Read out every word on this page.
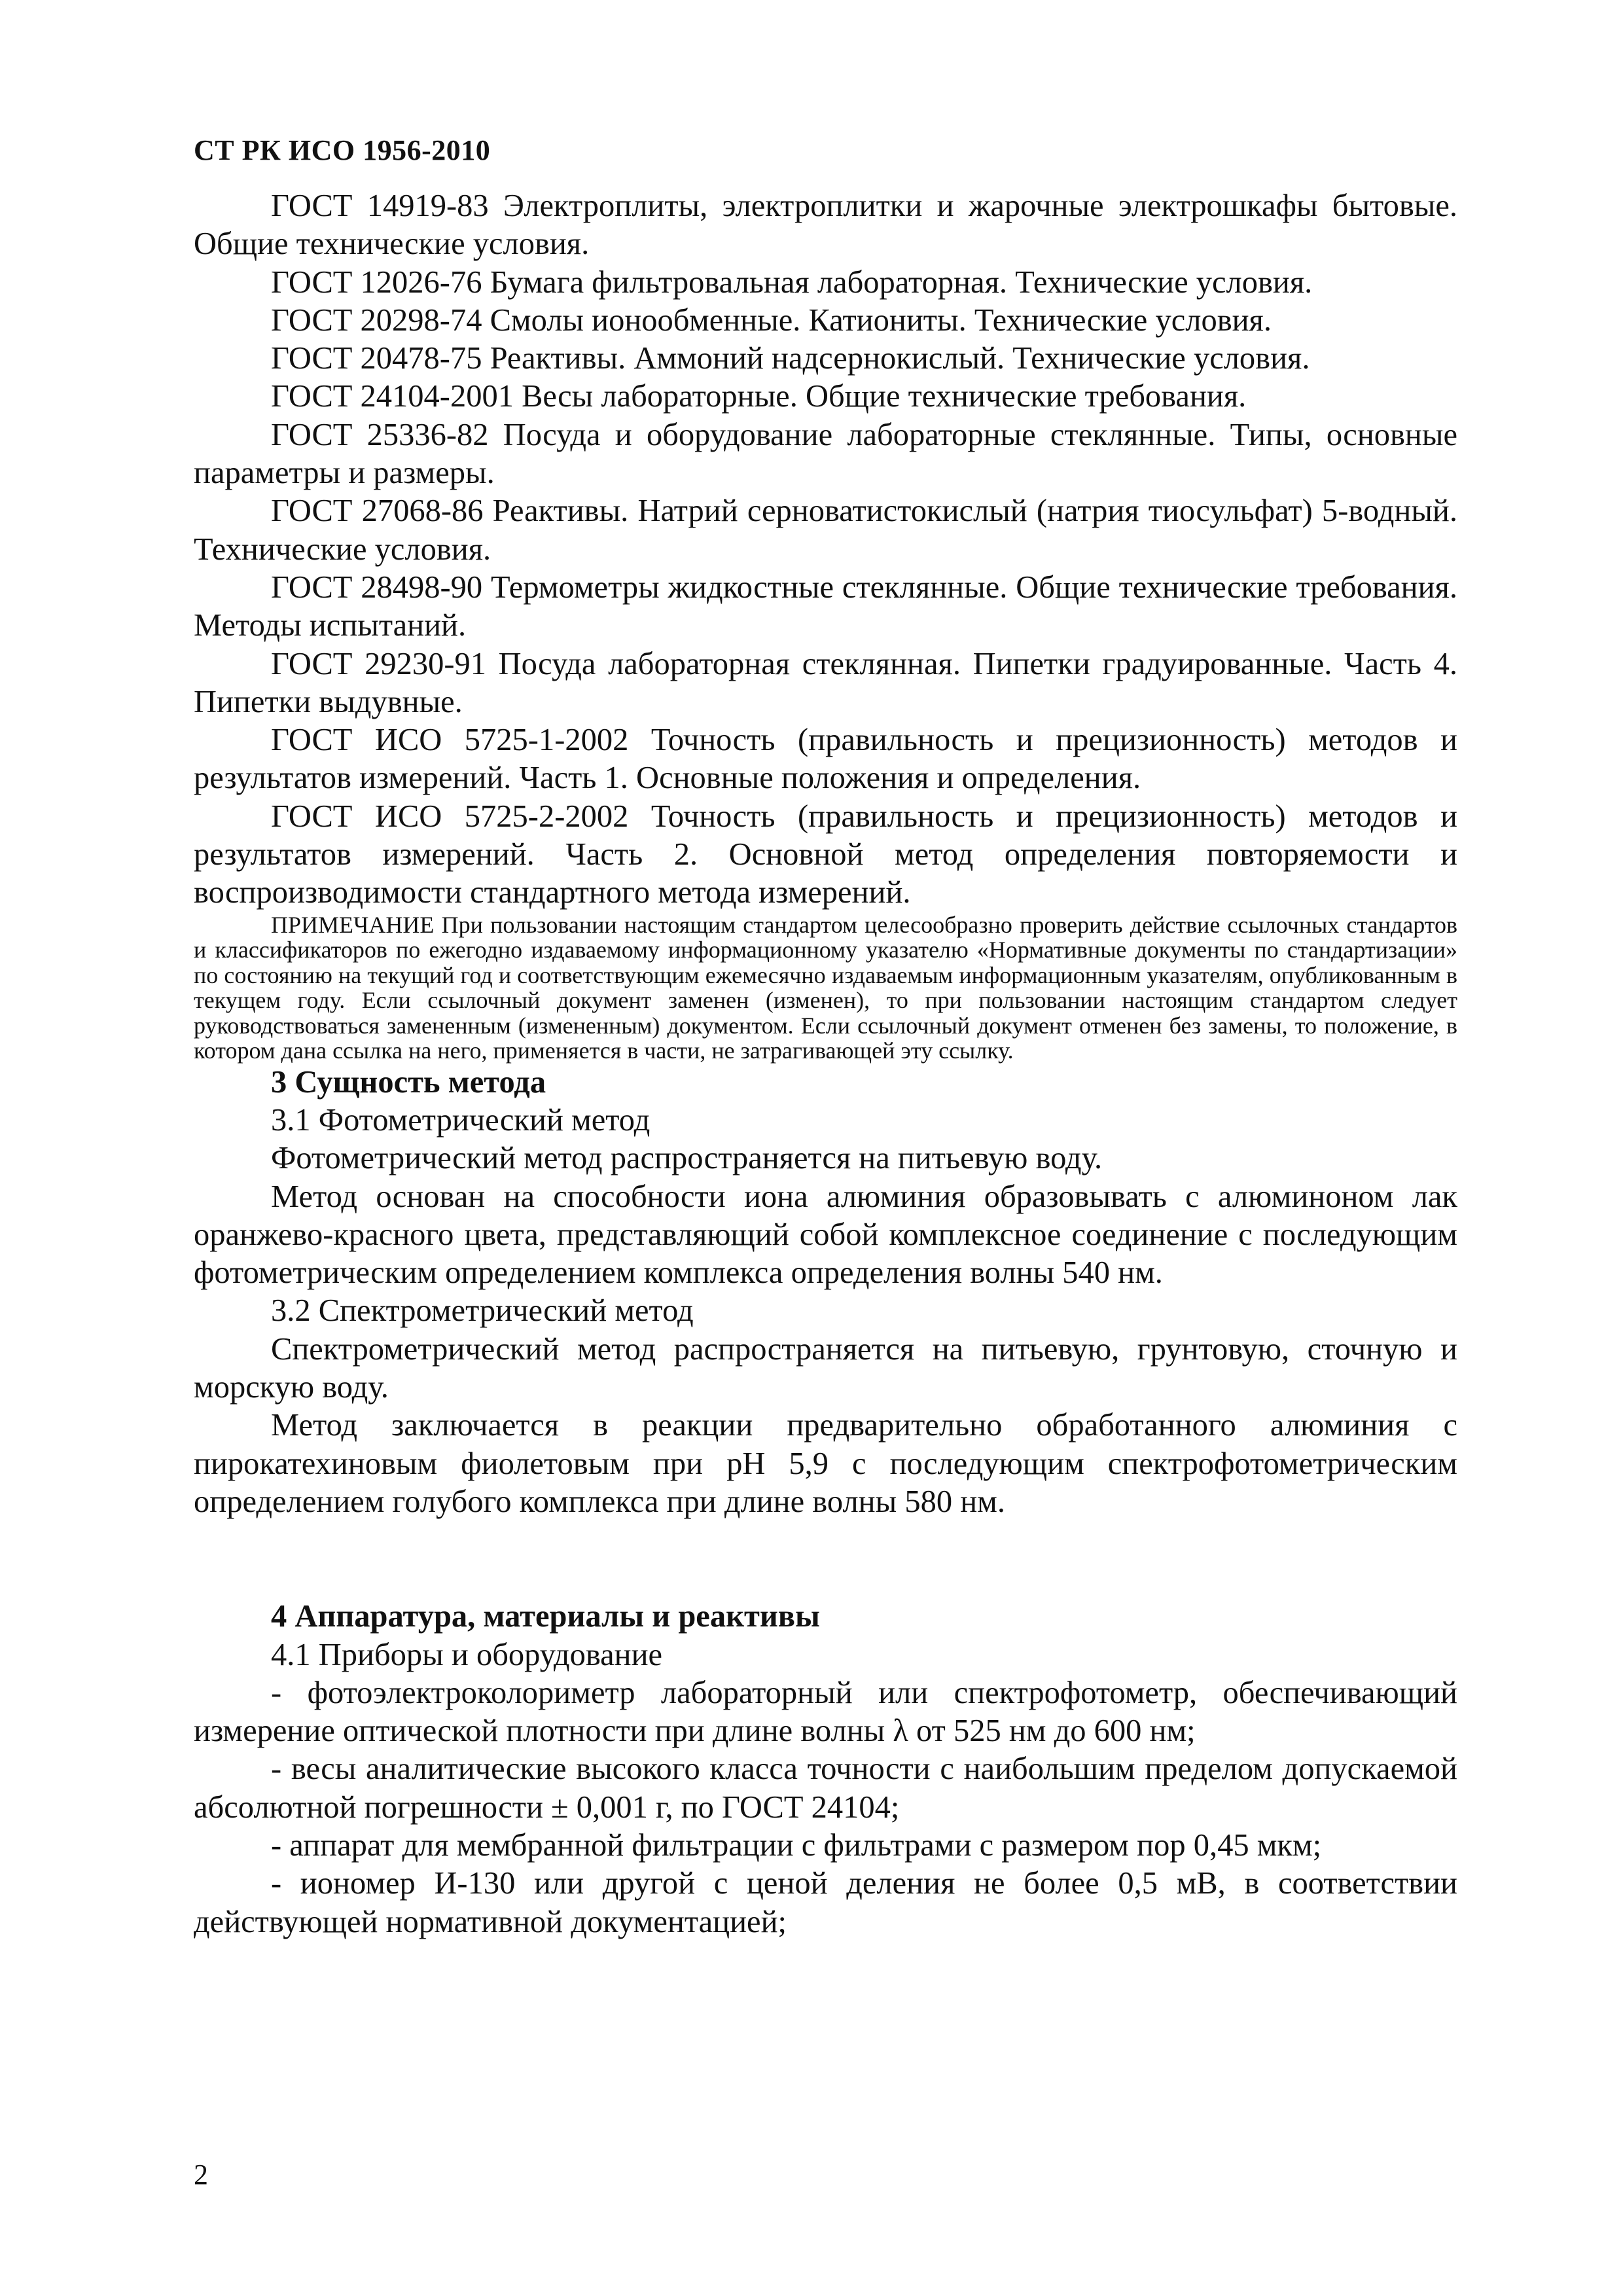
СТ РК ИСО 1956-2010

ГОСТ 14919-83 Электроплиты, электроплитки и жарочные электрошкафы бытовые. Общие технические условия.

ГОСТ 12026-76 Бумага фильтровальная лабораторная. Технические условия.

ГОСТ 20298-74 Смолы ионообменные. Катиониты. Технические условия.

ГОСТ 20478-75 Реактивы. Аммоний надсернокислый. Технические условия.

ГОСТ 24104-2001 Весы лабораторные. Общие технические требования.

ГОСТ 25336-82 Посуда и оборудование лабораторные стеклянные. Типы, основные параметры и размеры.

ГОСТ 27068-86 Реактивы. Натрий серноватистокислый (натрия тиосульфат) 5-водный. Технические условия.

ГОСТ 28498-90 Термометры жидкостные стеклянные. Общие технические требования. Методы испытаний.

ГОСТ 29230-91 Посуда лабораторная стеклянная. Пипетки градуированные. Часть 4. Пипетки выдувные.

ГОСТ ИСО 5725-1-2002 Точность (правильность и прецизионность) методов и результатов измерений. Часть 1. Основные положения и определения.

ГОСТ ИСО 5725-2-2002 Точность (правильность и прецизионность) методов и результатов измерений. Часть 2. Основной метод определения повторяемости и воспроизводимости стандартного метода измерений.

ПРИМЕЧАНИЕ При пользовании настоящим стандартом целесообразно проверить действие ссылочных стандартов и классификаторов по ежегодно издаваемому информационному указателю «Нормативные документы по стандартизации» по состоянию на текущий год и соответствующим ежемесячно издаваемым информационным указателям, опубликованным в текущем году. Если ссылочный документ заменен (изменен), то при пользовании настоящим стандартом следует руководствоваться замененным (измененным) документом. Если ссылочный документ отменен без замены, то положение, в котором дана ссылка на него, применяется в части, не затрагивающей эту ссылку.

3 Сущность метода

3.1 Фотометрический метод

Фотометрический метод распространяется на питьевую воду.

Метод основан на способности иона алюминия образовывать с алюминоном лак оранжево-красного цвета, представляющий собой комплексное соединение с последующим фотометрическим определением комплекса определения волны 540 нм.

3.2 Спектрометрический метод

Спектрометрический метод распространяется на питьевую, грунтовую, сточную и морскую воду.

Метод заключается в реакции предварительно обработанного алюминия с пирокатехиновым фиолетовым при рН 5,9 с последующим спектрофотометрическим определением голубого комплекса при длине волны 580 нм.

4 Аппаратура, материалы и реактивы

4.1 Приборы и оборудование

- фотоэлектроколориметр лабораторный или спектрофотометр, обеспечивающий измерение оптической плотности при длине волны λ от 525 нм до 600 нм;

- весы аналитические высокого класса точности с наибольшим пределом допускаемой абсолютной погрешности ± 0,001 г, по ГОСТ 24104;

- аппарат для мембранной фильтрации с фильтрами с размером пор 0,45 мкм;

- иономер И-130 или другой с ценой деления не более 0,5 мВ, в соответствии действующей нормативной документацией;

2
